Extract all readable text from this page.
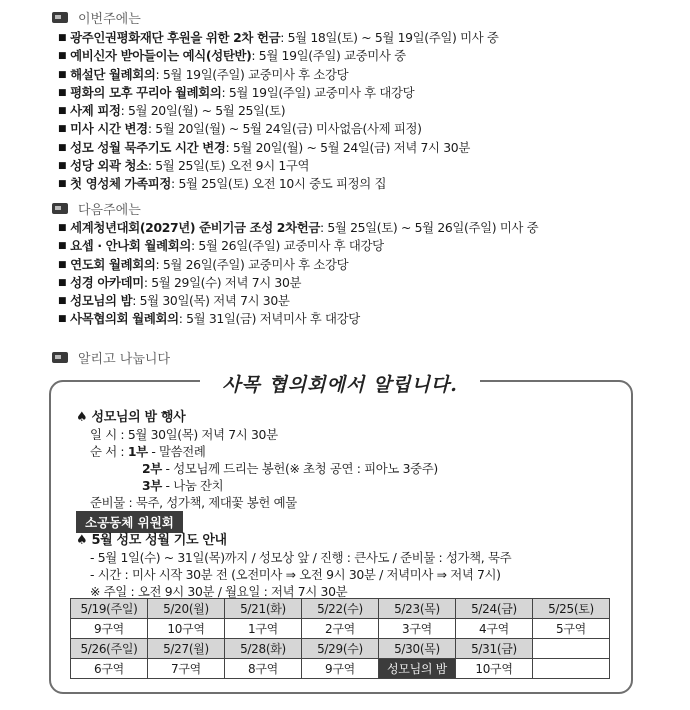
이번주에는
■ 광주인권평화재단 후원을 위한 2차 헌금 : 5월 18일(토) ~ 5월 19일(주일) 미사 중
■ 예비신자 받아들이는 예식(성탄반) : 5월 19일(주일) 교중미사 중
■ 해설단 월례회의 : 5월 19일(주일) 교중미사 후 소강당
■ 평화의 모후 꾸리아 월례회의 : 5월 19일(주일) 교중미사 후 대강당
■ 사제 피정 : 5월 20일(월) ~ 5월 25일(토)
■ 미사 시간 변경 : 5월 20일(월) ~ 5월 24일(금) 미사없음(사제 피정)
■ 성모 성월 묵주기도 시간 변경 : 5월 20일(월) ~ 5월 24일(금) 저녁 7시 30분
■ 성당 외곽 청소 : 5월 25일(토) 오전 9시 1구역
■ 첫 영성체 가족피정 : 5월 25일(토) 오전 10시 중도 피정의 집
다음주에는
■ 세계청년대회(2027년) 준비기금 조성 2차헌금 : 5월 25일(토) ~ 5월 26일(주일) 미사 중
■ 요셉 · 안나회 월례회의 : 5월 26일(주일) 교중미사 후 대강당
■ 연도회 월례회의 : 5월 26일(주일) 교중미사 후 소강당
■ 성경 아카데미 : 5월 29일(수) 저녁 7시 30분
■ 성모님의 밤 : 5월 30일(목) 저녁 7시 30분
■ 사목협의회 월례회의 : 5월 31일(금) 저녁미사 후 대강당
알리고 나눕니다
사목 협의회에서 알립니다.
♠ 성모님의 밤 행사
일 시 : 5월 30일(목) 저녁 7시 30분
순 서 : 1부 - 말씀전례
2부 - 성모님께 드리는 봉헌(※ 초청 공연 : 피아노 3중주)
3부 - 나눔 잔치
준비물 : 묵주, 성가책, 제대꽃 봉헌 예물
소공동체 위원회
♠ 5월 성모 성월 기도 안내
- 5월 1일(수) ~ 31일(목)까지 / 성모상 앞 / 진행 : 큰사도 / 준비물 : 성가책, 묵주
- 시간 : 미사 시작 30분 전 (오전미사 ⇒ 오전 9시 30분 / 저녁미사 ⇒ 저녁 7시)
※ 주일 : 오전 9시 30분 / 월요일 : 저녁 7시 30분
5/19(주일)	5/20(월)	5/21(화)	5/22(수)	5/23(목)	5/24(금)	5/25(토)
9구역	10구역	1구역	2구역	3구역	4구역	5구역
5/26(주일)	5/27(월)	5/28(화)	5/29(수)	5/30(목)	5/31(금)	
6구역	7구역	8구역	9구역	성모님의 밤	10구역	
